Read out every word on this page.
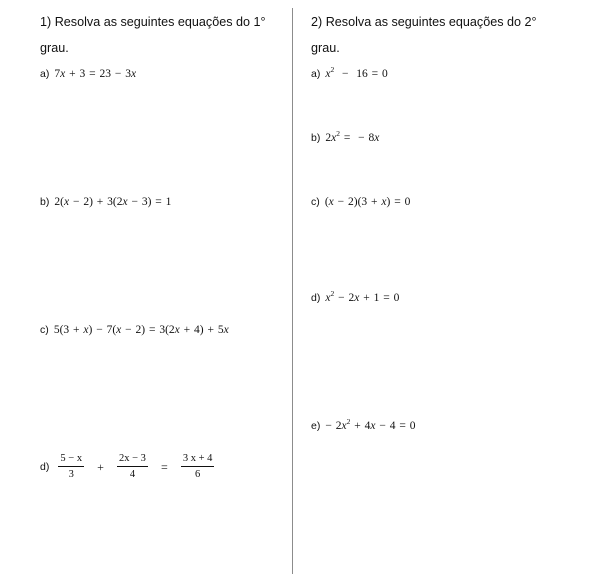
1) Resolva as seguintes equações do 1° grau.
a) 7x + 3 = 23 − 3x
b) 2(x − 2) + 3(2x − 3) = 1
c) 5(3 + x) − 7(x − 2) = 3(2x + 4) + 5x
$d) \frac{5 - x}{3} + \frac{2x - 3}{4} = \frac{3 x + 4}{6}$
2) Resolva as seguintes equações do 2° grau.
a) $x^2 - 16 = 0$
b) $2x^2$ =  − 8x
c) (x − 2)(3 + x) = 0
d) $x^2 - 2x + 1 = 0$
$e) - 2x^2 + 4x - 4 = 0$
